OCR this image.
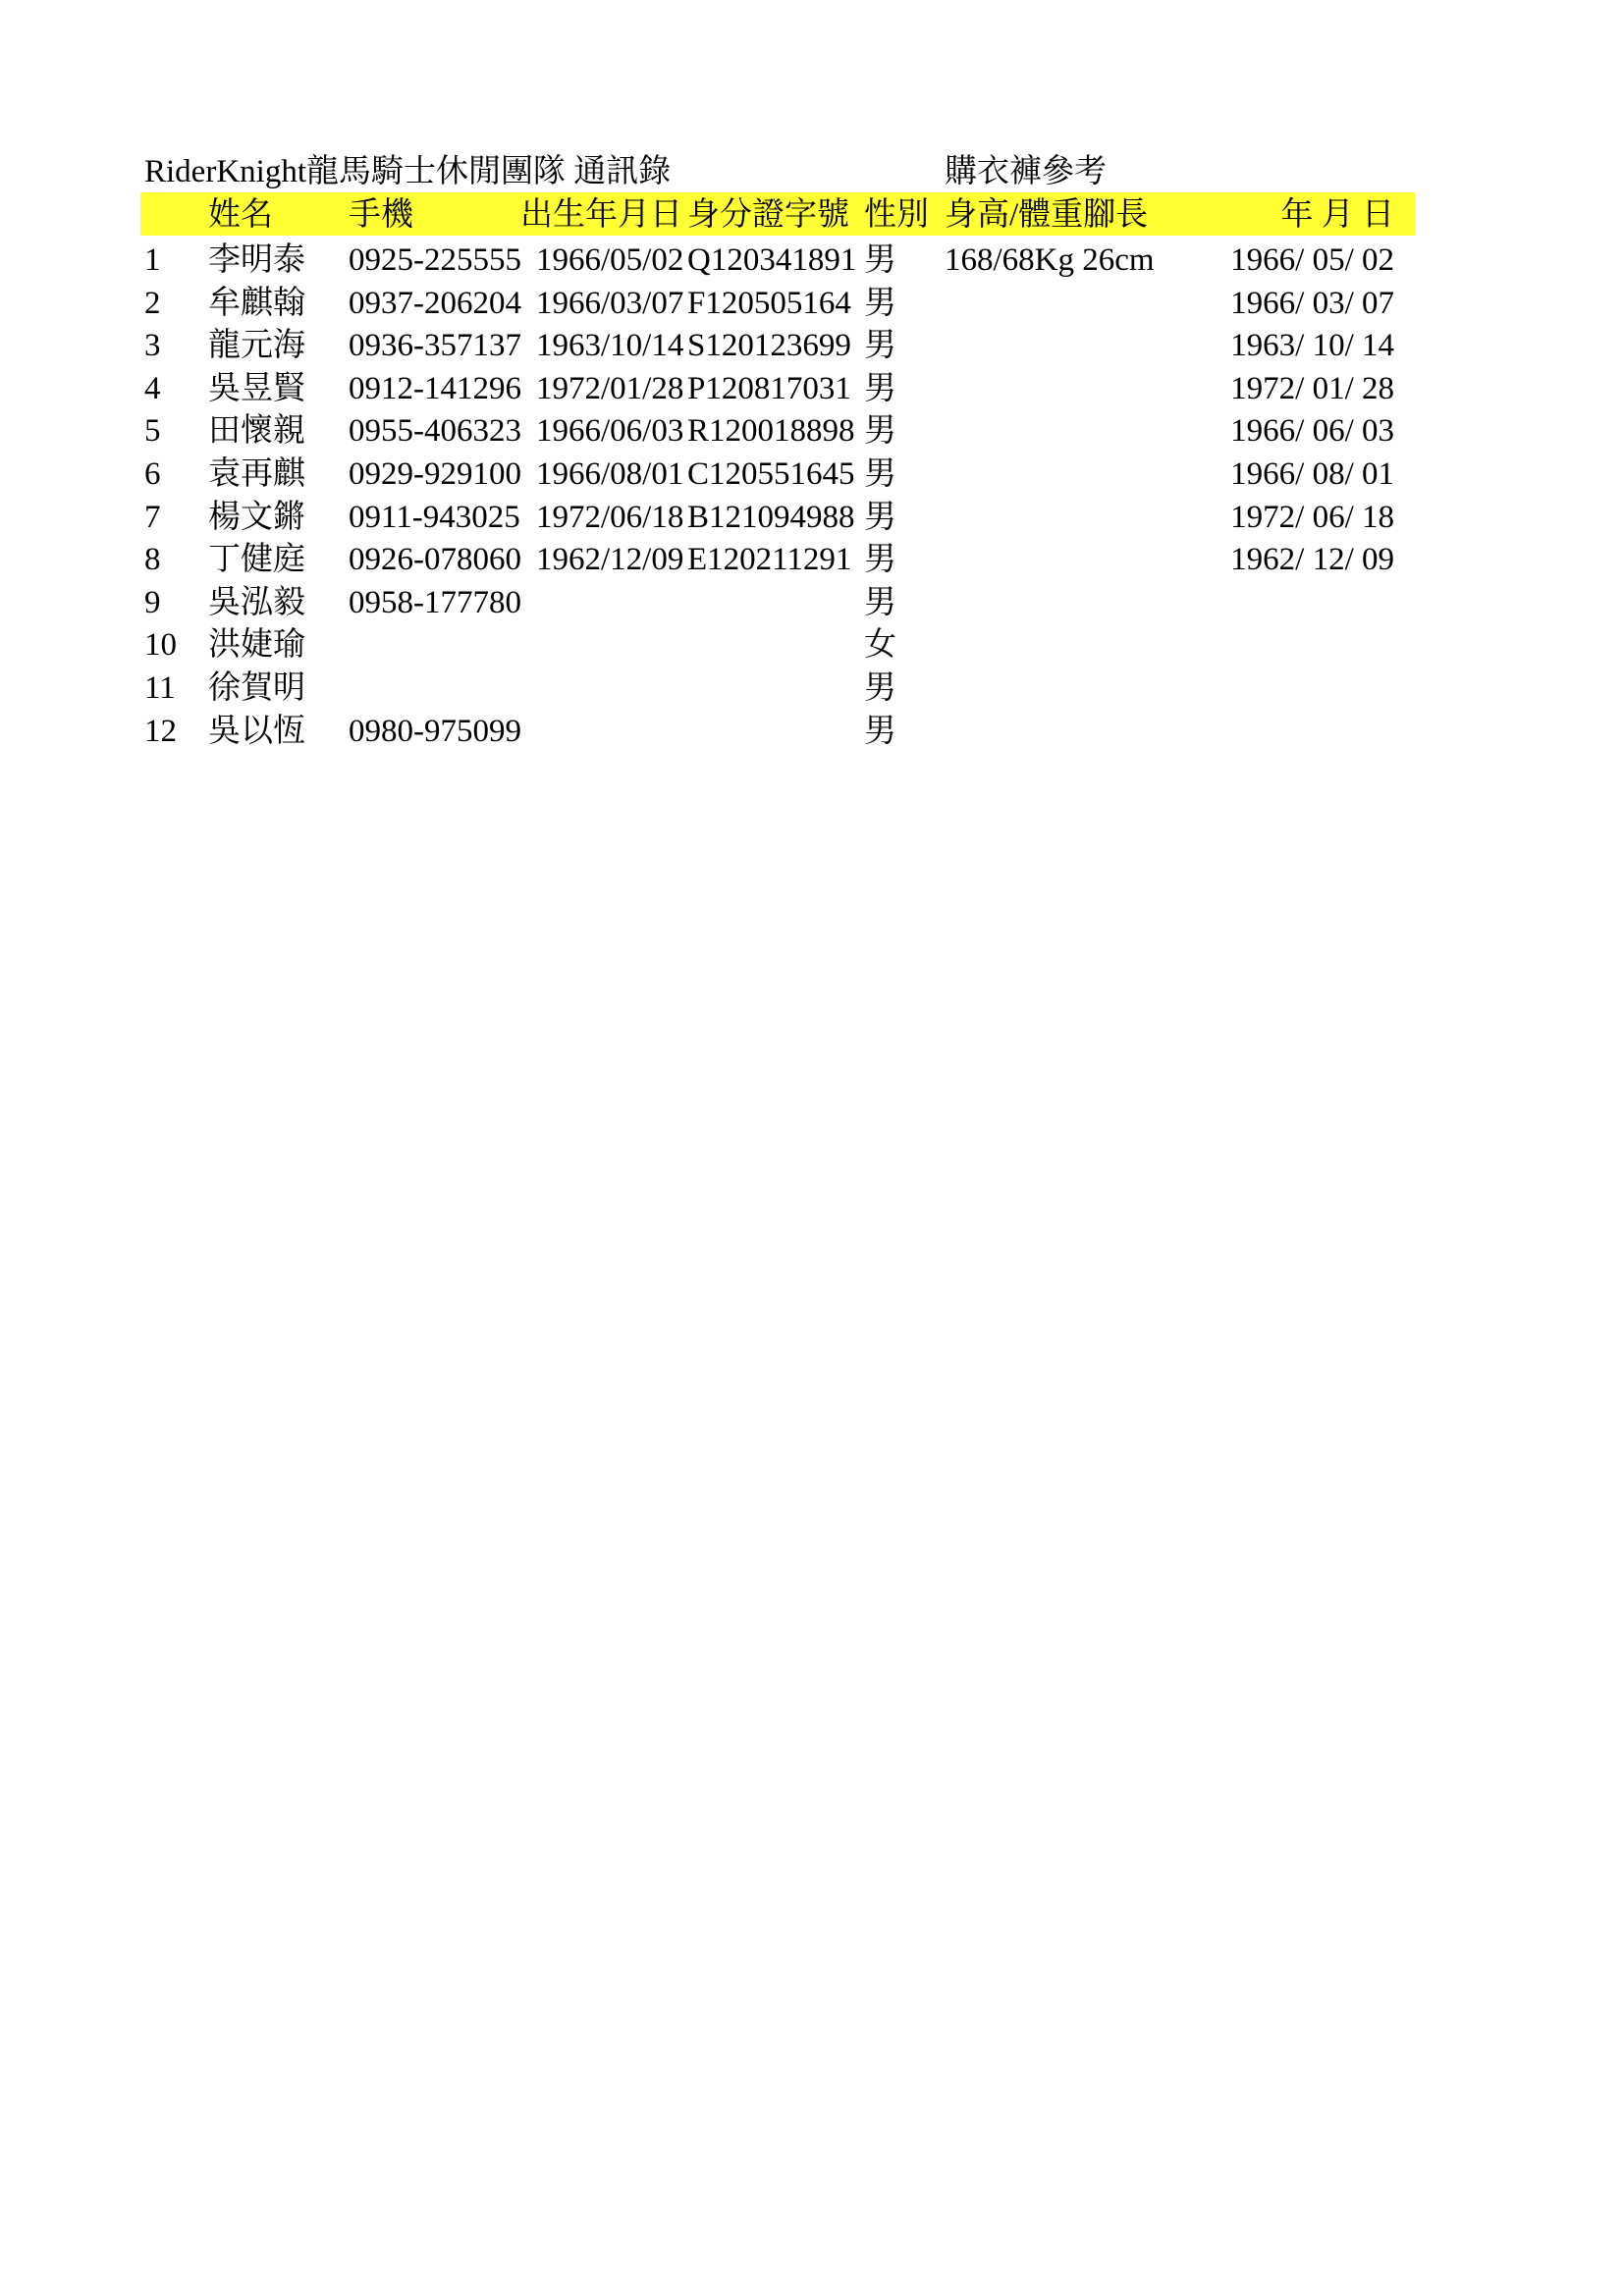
RiderKnight龍馬騎士休閒團隊 通訊錄	購衣褲參考
姓名 手機	出生年月日 身分證字號 性別 身高/體重腳長	年 月 日
1 李明泰 0925-225555 1966/05/02 Q120341891 男 168/68Kg 26cm	1966/ 05/ 02
2 牟麒翰 0937-206204 1966/03/07 F120505164 男	1966/ 03/ 07
3 龍元海 0936-357137 1963/10/14 S120123699 男	1963/ 10/ 14
4 吳昱賢 0912-141296 1972/01/28 P120817031 男	1972/ 01/ 28
5 田懷親 0955-406323 1966/06/03 R120018898 男	1966/ 06/ 03
6 袁再麒 0929-929100 1966/08/01 C120551645 男	1966/ 08/ 01
7 楊文鏘 0911-943025 1972/06/18 B121094988 男	1972/ 06/ 18
8 丁健庭 0926-078060 1962/12/09 E120211291 男	1962/ 12/ 09
9 吳泓毅 0958-177780	男
10 洪婕瑜	女
11 徐賀明	男
12 吳以恆 0980-975099	男
